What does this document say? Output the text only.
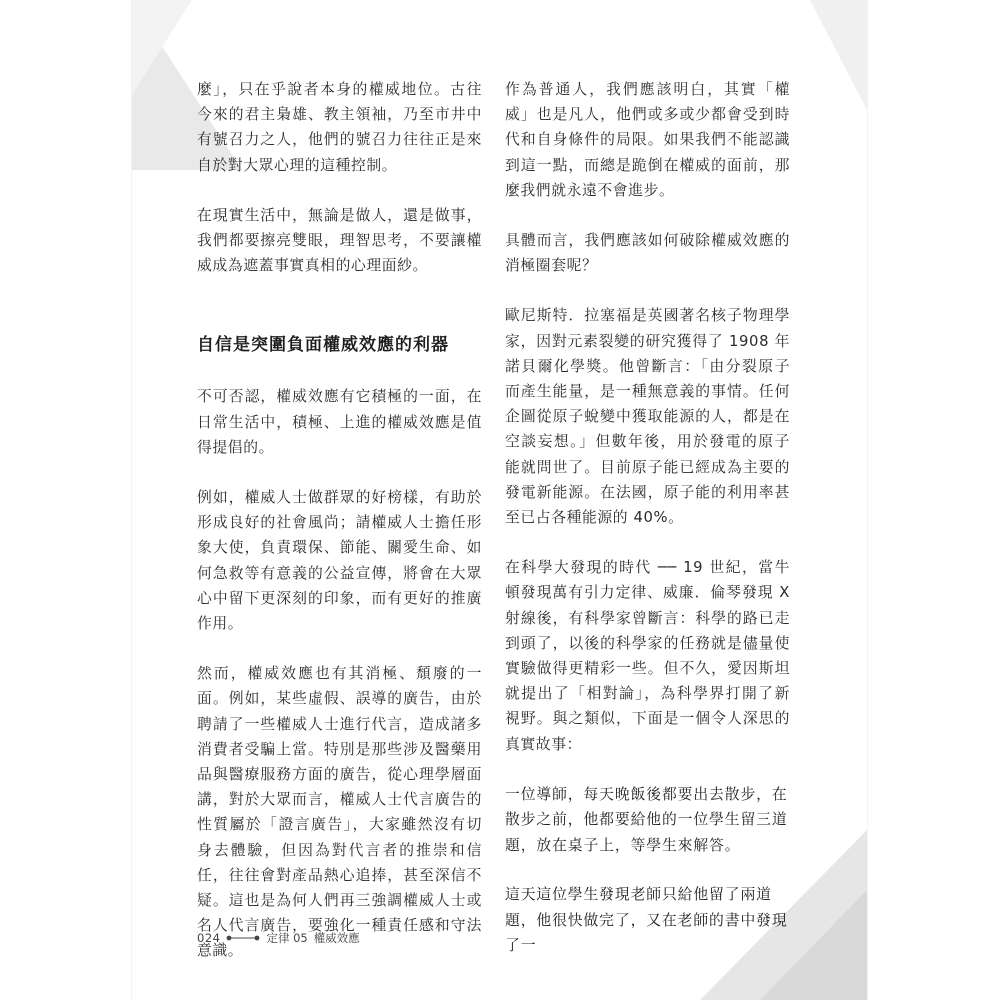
麼」，只在乎說者本身的權威地位。古往今來的君主梟雄、教主領袖，乃至市井中有號召力之人，他們的號召力往往正是來自於對大眾心理的這種控制。

在現實生活中，無論是做人，還是做事，我們都要擦亮雙眼，理智思考，不要讓權威成為遮蓋事實真相的心理面紗。

自信是突圍負面權威效應的利器

不可否認，權威效應有它積極的一面，在日常生活中，積極、上進的權威效應是值得提倡的。

例如，權威人士做群眾的好榜樣，有助於形成良好的社會風尚；請權威人士擔任形象大使，負責環保、節能、關愛生命、如何急救等有意義的公益宣傳，將會在大眾心中留下更深刻的印象，而有更好的推廣作用。

然而，權威效應也有其消極、頹廢的一面。例如，某些虛假、誤導的廣告，由於聘請了一些權威人士進行代言，造成諸多消費者受騙上當。特別是那些涉及醫藥用品與醫療服務方面的廣告，從心理學層面講，對於大眾而言，權威人士代言廣告的性質屬於「證言廣告」，大家雖然沒有切身去體驗，但因為對代言者的推崇和信任，往往會對產品熱心追捧，甚至深信不疑。這也是為何人們再三強調權威人士或名人代言廣告，要強化一種責任感和守法意識。

作為普通人，我們應該明白，其實「權威」也是凡人，他們或多或少都會受到時代和自身條件的局限。如果我們不能認識到這一點，而總是跪倒在權威的面前，那麼我們就永遠不會進步。

具體而言，我們應該如何破除權威效應的消極圈套呢？

歐尼斯特．拉塞福是英國著名核子物理學家，因對元素裂變的研究獲得了 1908 年諾貝爾化學獎。他曾斷言：「由分裂原子而產生能量，是一種無意義的事情。任何企圖從原子蛻變中獲取能源的人，都是在空談妄想。」但數年後，用於發電的原子能就問世了。目前原子能已經成為主要的發電新能源。在法國，原子能的利用率甚至已占各種能源的 40%。

在科學大發現的時代 ── 19 世紀，當牛頓發現萬有引力定律、威廉．倫琴發現 X 射線後，有科學家曾斷言：科學的路已走到頭了，以後的科學家的任務就是儘量使實驗做得更精彩一些。但不久，愛因斯坦就提出了「相對論」，為科學界打開了新視野。與之類似，下面是一個令人深思的真實故事：

一位導師，每天晚飯後都要出去散步，在散步之前，他都要給他的一位學生留三道題，放在桌子上，等學生來解答。

這天這位學生發現老師只給他留了兩道題，他很快做完了，又在老師的書中發現了一

024	定律 05 權威效應
